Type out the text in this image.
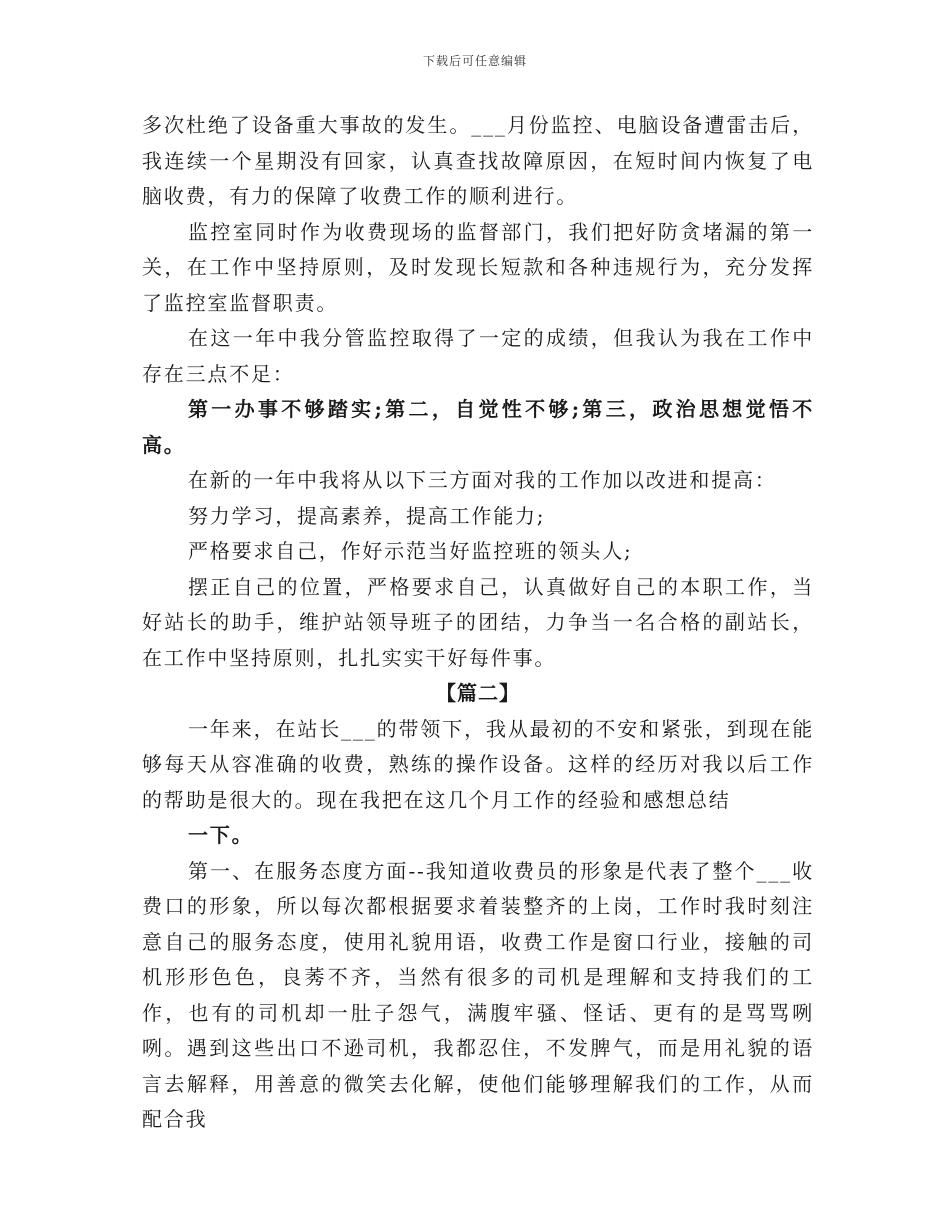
下载后可任意编辑

多次杜绝了设备重大事故的发生。___月份监控、电脑设备遭雷击后，我连续一个星期没有回家，认真查找故障原因，在短时间内恢复了电脑收费，有力的保障了收费工作的顺利进行。

监控室同时作为收费现场的监督部门，我们把好防贪堵漏的第一关，在工作中坚持原则，及时发现长短款和各种违规行为，充分发挥了监控室监督职责。

在这一年中我分管监控取得了一定的成绩，但我认为我在工作中存在三点不足：

第一办事不够踏实;第二，自觉性不够;第三，政治思想觉悟不高。

在新的一年中我将从以下三方面对我的工作加以改进和提高：

努力学习，提高素养，提高工作能力;

严格要求自己，作好示范当好监控班的领头人;

摆正自己的位置，严格要求自己，认真做好自己的本职工作，当好站长的助手，维护站领导班子的团结，力争当一名合格的副站长，在工作中坚持原则，扎扎实实干好每件事。

【篇二】

一年来，在站长___的带领下，我从最初的不安和紧张，到现在能够每天从容准确的收费，熟练的操作设备。这样的经历对我以后工作的帮助是很大的。现在我把在这几个月工作的经验和感想总结

一下。

第一、在服务态度方面--我知道收费员的形象是代表了整个___收费口的形象，所以每次都根据要求着装整齐的上岗，工作时我时刻注意自己的服务态度，使用礼貌用语，收费工作是窗口行业，接触的司机形形色色，良莠不齐，当然有很多的司机是理解和支持我们的工作，也有的司机却一肚子怨气，满腹牢骚、怪话、更有的是骂骂咧咧。遇到这些出口不逊司机，我都忍住，不发脾气，而是用礼貌的语言去解释，用善意的微笑去化解，使他们能够理解我们的工作，从而配合我
